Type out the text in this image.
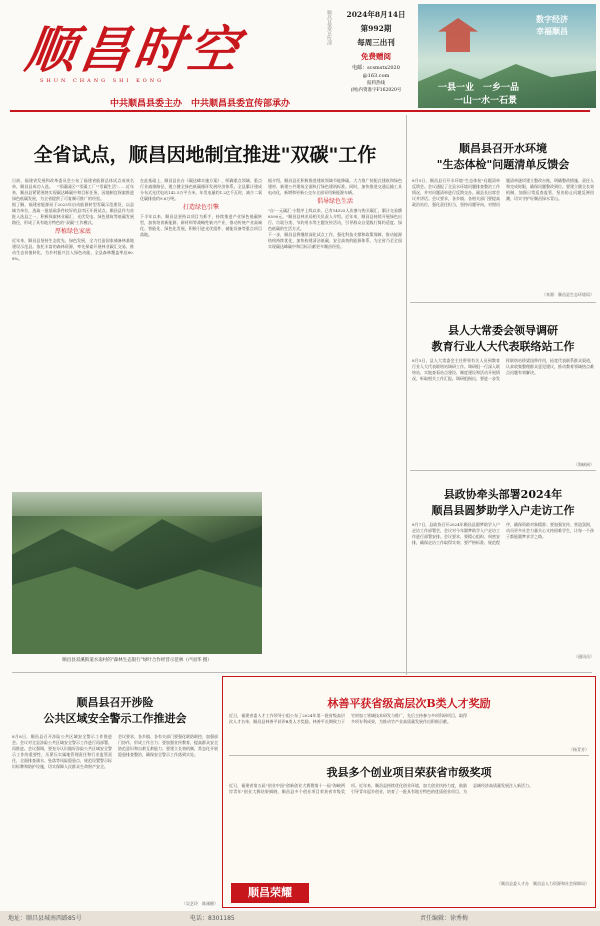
顺昌时空
SHUN CHANG SHI KONG
中共顺昌县委主办　中共顺昌县委宣传部承办
顺昌县委宣传部	2024年8月14日
第992期
每周三出刊
免费赠阅
电邮：scsmstx2020
@163.com
报料热线
(网)内资准字F162020号
数字经济
幸福顺昌
一县一业　一乡一品
一山一水一石景
全省试点，顺昌因地制宜推进"双碳"工作

日前，福建省发展和改革委员会公布了福建省能源总体试点成效名单，顺昌县成功入选。　"零碳园区""零碳工厂""零碳生活"……近年来，顺昌县紧紧围绕实现碳达峰碳中和目标任务，因地制宜探索推进绿色低碳发展，为全省提供了可复制可推广的经验。

据了解，福建省能源局于2023年启动能源转型零碳示范建设，以县域为单位，选取一批基础条件较好的县市区开展试点。顺昌县作为首批入选县之一，积极探索林业碳汇、光伏发电、绿色建筑等低碳发展路径，形成了具有地方特色的"双碳"工作模式。

厚植绿色家底

近年来，顺昌县坚持生态优先、绿色发展，全力打造国家储备林基地建设示范县。依托丰富的森林资源，率先探索开展林业碳汇交易，推动生态价值转化，为乡村振兴注入绿色动能，全县森林覆盖率达80.8%。

在此基础上，顺昌县出台《碳达峰实施方案》，明确重点领域、重点行业减排路径，建立健全绿色低碳循环发展经济体系。全县累计建成分布式光伏电站142.5万平方米，年发电量约1.2亿千瓦时，减少二氧化碳排放约9.6万吨。

打造绿色引擎

下半年以来，顺昌县坚持以项目为抓手，持续推进产业绿色低碳转型，加快培育新能源、新材料等战略性新兴产业，推动传统产业高端化、智能化、绿色化发展，积极引进光伏组件、储能设备等重点项目落地。

据介绍，顺昌县还积极推进建筑领域节能降碳，大力推广装配式建筑和绿色建材，新建公共建筑全面执行绿色建筑标准。同时，加快推进交通运输工具电动化，新增和更新公交车全部采用新能源车辆。

倡导绿色生活

"自'一元碳汇'小程序上线以来，已有14525人次参与购买碳汇，累计交易额8590元。"顺昌县林业局相关负责人介绍。近年来，顺昌县持续开展绿色出行、垃圾分类、节约用水等主题宣传活动，引导群众自觉践行简约适度、绿色低碳的生活方式。

下一步，顺昌县将继续深化试点工作，强化科技支撑和政策保障，推动能源结构持续优化，加快构建清洁低碳、安全高效的能源体系，为全省乃至全国实现碳达峰碳中和目标贡献更多顺昌经验。

顺昌县双溪街道水南村的"森林生态银行"绿叶合作经营示范林（卢国华 摄）
顺昌县召开水环境
"生态体检"问题清单反馈会
8月5日，顺昌县召开水环境"生态体检"问题清单反馈会。会议通报了全县水环境问题排查整治工作情况，并对问题清单进行反馈交办。副县长出席会议并讲话。会议要求，各乡镇、各相关部门要提高政治站位，强化责任担当，坚持问题导向，对照问题清单逐项建立整改台账，明确整改措施、责任人和完成时限，确保问题整改到位。要建立健全长效机制，加强日常巡查监管，坚决防止问题反弹回潮，切实守护好顺昌绿水青山。
（来源：顺昌县生态环境局）
县人大常委会领导调研
教育行业人大代表联络站工作
8月5日，县人大常委会主任带领有关人员到教育行业人大代表联络站调研工作。调研组一行深入联络站，实地查看站点建设、制度建设和活动开展情况，听取相关工作汇报。调研组指出，要进一步发挥联络站桥梁纽带作用，拓宽代表联系群众渠道，认真收集整理群众意见建议，推动教育领域热点难点问题有效解决。
（海峡网）
县政协牵头部署2024年
顺昌县圆梦助学入户走访工作
8月7日，县政协召开2024年顺昌县圆梦助学入户走访工作部署会，会议对今年圆梦助学入户走访工作进行部署安排。会议要求，要精心组织、周密安排，确保走访工作取得实效；要严格标准、规范程序，确保资助对象精准；要加强宣传、营造氛围，动员更多社会力量关心支持困难学生，让每一个孩子都能圆梦求学之路。
（通讯员）
顺昌县召开涉险
公共区域安全警示工作推进会

8月8日，顺昌县召开涉险公共区域安全警示工作推进会。会议对全县涉险公共区域安全警示工作进行再部署、再推进。会议强调，要充分认识做好涉险公共区域安全警示工作的重要性，压紧压实属地管理责任和行业监管责任，全面排查溺水、坠落等风险隐患点，规范设置警示标识标牌和防护设施，切实保障人民群众生命财产安全。

会议要求，各乡镇、各有关部门要强化联防联控，加强部门协作，形成工作合力；要加强宣传教育，提高群众安全防范意识和自救互救能力；要建立长效机制，常态化开展隐患排查整治，确保安全警示工作落到实处。

（吴艺玲　陈刚健）
林善平获省级高层次B类人才奖励
近日，福建省委人才工作领导小组公布了2024年第一批省级高层次人才名单，顺昌县林善平获评B类人才奖励。林善平长期致力于竹材加工领域技术研发与推广，先后主持参与多项科研项目，取得多项专利成果，为推动竹产业高质量发展作出积极贡献。
（杨青芳）
我县多个创业项目荣获省市级奖项
近日，福建省第五届"创业中国"创新创业大赛暨第十一届"海峡两岸青年"创业大赛结果揭晓，顺昌县多个创业项目荣获省市级奖项。近年来，顺昌县持续优化创业环境，加大创业扶持力度，鼓励引导青年返乡创业，培育了一批具有地方特色的优质创业项目，为县域经济高质量发展注入新活力。
（顺昌县委人才办　顺昌县人力资源和社会保障局）
顺昌荣耀
地址：顺昌县城南西路85号	电话：8301185	责任编辑：徐秀梅
